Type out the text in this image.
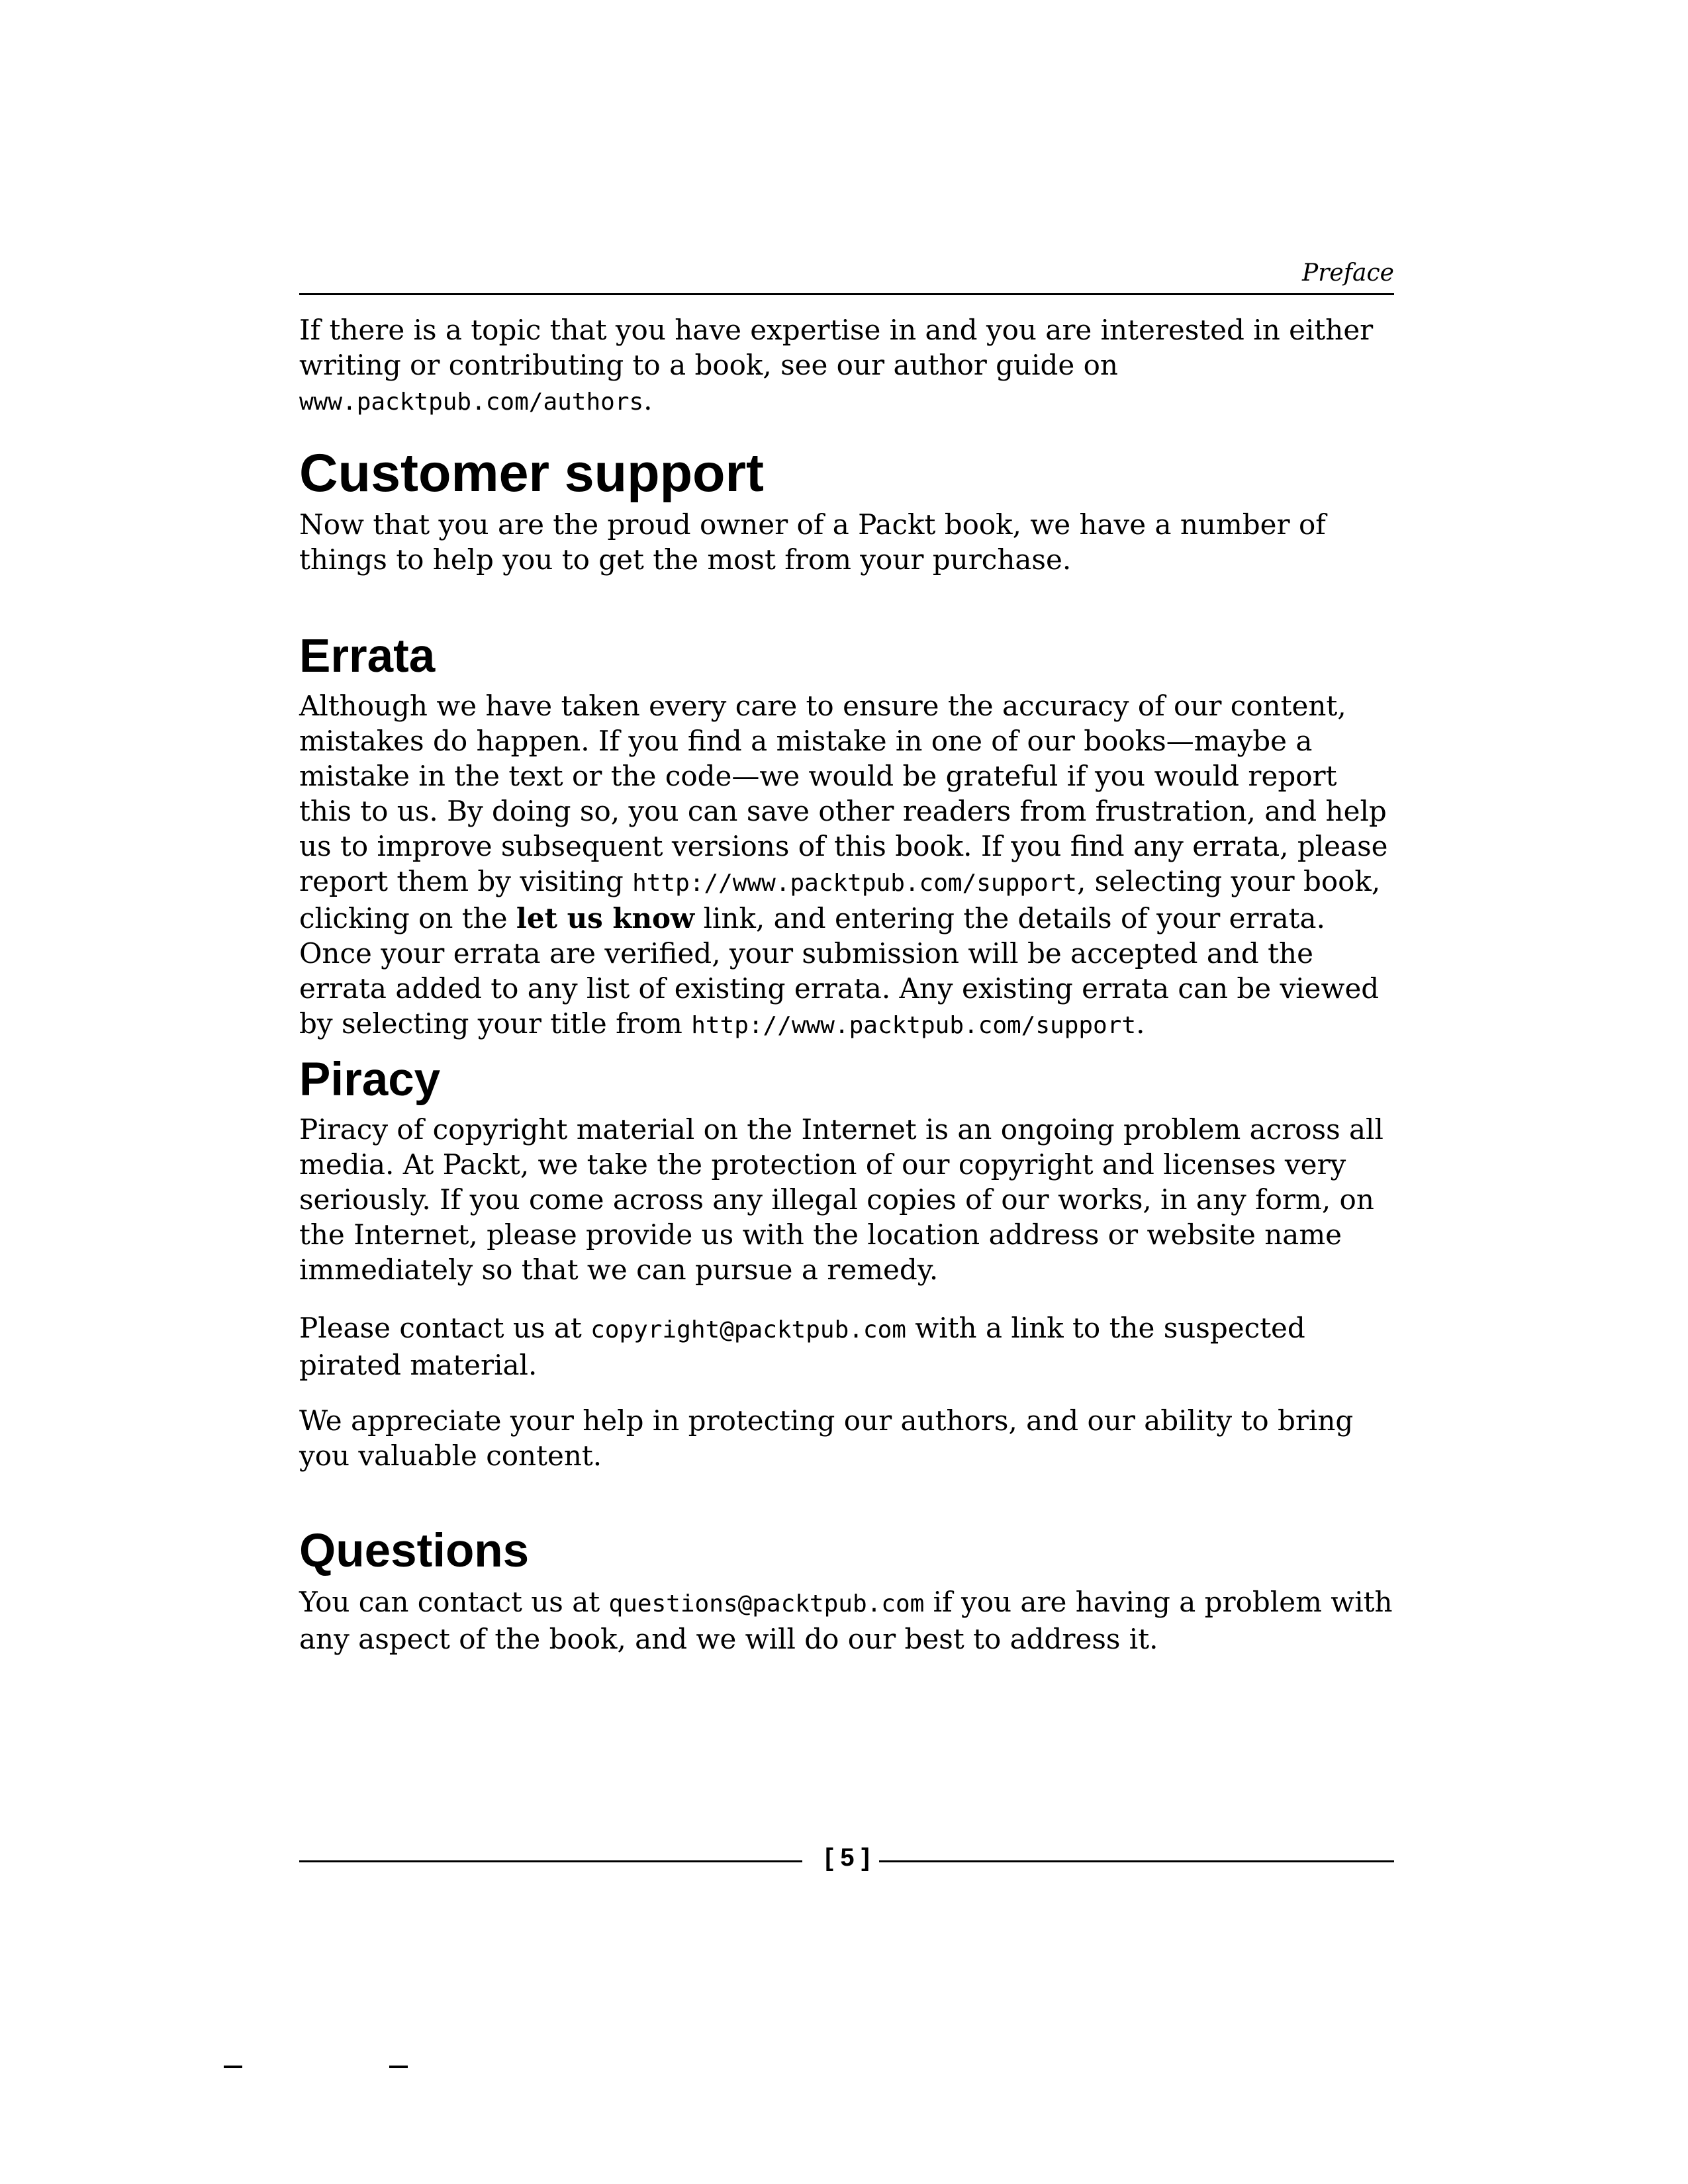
Preface

If there is a topic that you have expertise in and you are interested in either writing or contributing to a book, see our author guide on www.packtpub.com/authors.

Customer support

Now that you are the proud owner of a Packt book, we have a number of things to help you to get the most from your purchase.

Errata

Although we have taken every care to ensure the accuracy of our content, mistakes do happen. If you find a mistake in one of our books—maybe a mistake in the text or the code—we would be grateful if you would report this to us. By doing so, you can save other readers from frustration, and help us to improve subsequent versions of this book. If you find any errata, please report them by visiting http://www.packtpub.com/support, selecting your book, clicking on the let us know link, and entering the details of your errata. Once your errata are verified, your submission will be accepted and the errata added to any list of existing errata. Any existing errata can be viewed by selecting your title from http://www.packtpub.com/support.

Piracy

Piracy of copyright material on the Internet is an ongoing problem across all media. At Packt, we take the protection of our copyright and licenses very seriously. If you come across any illegal copies of our works, in any form, on the Internet, please provide us with the location address or website name immediately so that we can pursue a remedy.

Please contact us at copyright@packtpub.com with a link to the suspected pirated material.

We appreciate your help in protecting our authors, and our ability to bring you valuable content.

Questions

You can contact us at questions@packtpub.com if you are having a problem with any aspect of the book, and we will do our best to address it.

[ 5 ]
